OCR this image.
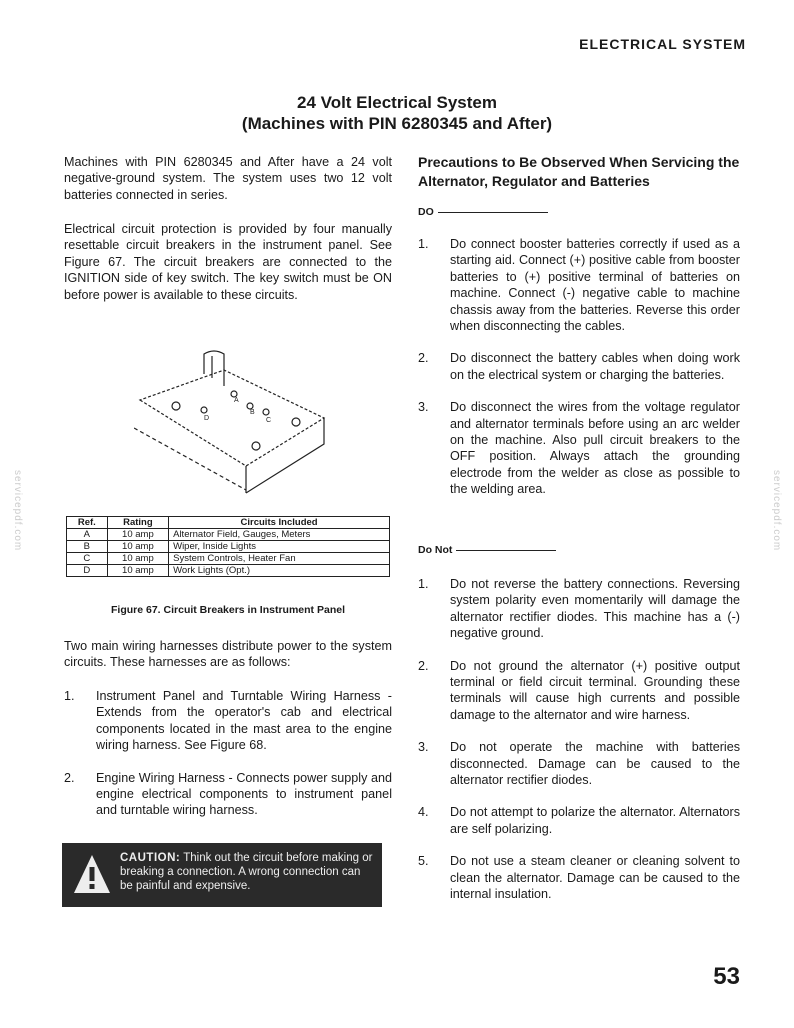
ELECTRICAL SYSTEM
24 Volt Electrical System
(Machines with PIN 6280345 and After)

Machines with PIN 6280345 and After have a 24 volt negative-ground system. The system uses two 12 volt batteries connected in series.

Electrical circuit protection is provided by four manually resettable circuit breakers in the instrument panel. See Figure 67. The circuit breakers are connected to the IGNITION side of key switch. The key switch must be ON before power is available to these circuits.

A
B
C
D
Ref.	Rating	Circuits Included
A	10 amp	Alternator Field, Gauges, Meters
B	10 amp	Wiper, Inside Lights
C	10 amp	System Controls, Heater Fan
D	10 amp	Work Lights (Opt.)
Figure 67. Circuit Breakers in Instrument Panel

Two main wiring harnesses distribute power to the system circuits. These harnesses are as follows:

1. Instrument Panel and Turntable Wiring Harness - Extends from the operator's cab and electrical components located in the mast area to the engine wiring harness. See Figure 68.

2. Engine Wiring Harness - Connects power supply and engine electrical components to instrument panel and turntable wiring harness.

CAUTION: Think out the circuit before making or breaking a connection. A wrong connection can be painful and expensive.
Precautions to Be Observed When Servicing the Alternator, Regulator and Batteries
DO
1. Do connect booster batteries correctly if used as a starting aid. Connect (+) positive cable from booster batteries to (+) positive terminal of batteries on machine. Connect (-) negative cable to machine chassis away from the batteries. Reverse this order when disconnecting the cables.

2. Do disconnect the battery cables when doing work on the electrical system or charging the batteries.

3. Do disconnect the wires from the voltage regulator and alternator terminals before using an arc welder on the machine. Also pull circuit breakers to the OFF position. Always attach the grounding electrode from the welder as close as possible to the welding area.

Do Not
1. Do not reverse the battery connections. Reversing system polarity even momentarily will damage the alternator rectifier diodes. This machine has a (-) negative ground.

2. Do not ground the alternator (+) positive output terminal or field circuit terminal. Grounding these terminals will cause high currents and possible damage to the alternator and wire harness.

3. Do not operate the machine with batteries disconnected. Damage can be caused to the alternator rectifier diodes.

4. Do not attempt to polarize the alternator. Alternators are self polarizing.

5. Do not use a steam cleaner or cleaning solvent to clean the alternator. Damage can be caused to the internal insulation.

53
servicepdf.com	servicepdf.com
